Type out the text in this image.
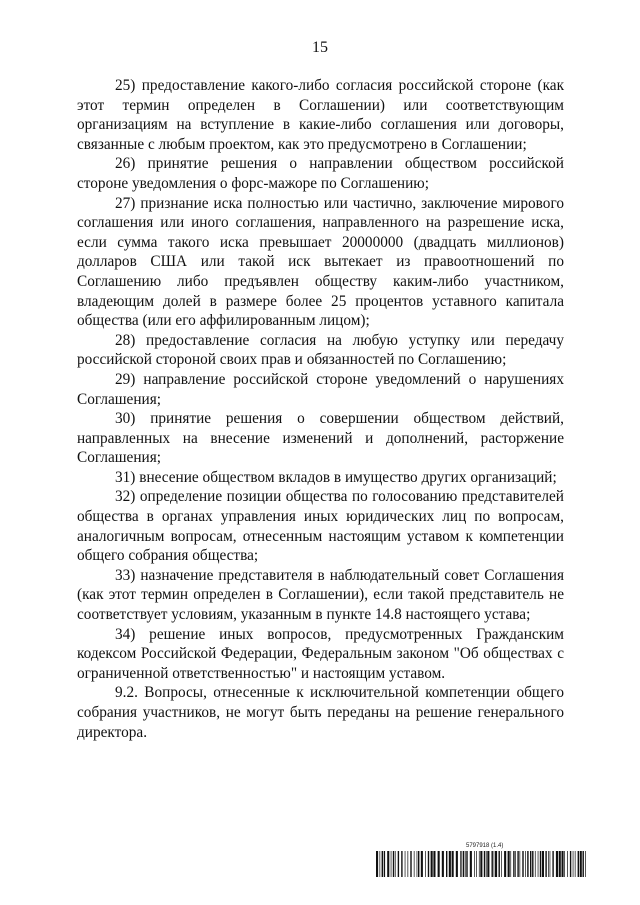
15

25) предоставление какого-либо согласия российской стороне (как этот термин определен в Соглашении) или соответствующим организациям на вступление в какие-либо соглашения или договоры, связанные с любым проектом, как это предусмотрено в Соглашении;

26) принятие решения о направлении обществом российской стороне уведомления о форс-мажоре по Соглашению;

27) признание иска полностью или частично, заключение мирового соглашения или иного соглашения, направленного на разрешение иска, если сумма такого иска превышает 20000000 (двадцать миллионов) долларов США или такой иск вытекает из правоотношений по Соглашению либо предъявлен обществу каким-либо участником, владеющим долей в размере более 25 процентов уставного капитала общества (или его аффилированным лицом);

28) предоставление согласия на любую уступку или передачу российской стороной своих прав и обязанностей по Соглашению;

29) направление российской стороне уведомлений о нарушениях Соглашения;

30) принятие решения о совершении обществом действий, направленных на внесение изменений и дополнений, расторжение Соглашения;

31) внесение обществом вкладов в имущество других организаций;

32) определение позиции общества по голосованию представителей общества в органах управления иных юридических лиц по вопросам, аналогичным вопросам, отнесенным настоящим уставом к компетенции общего собрания общества;

33) назначение представителя в наблюдательный совет Соглашения (как этот термин определен в Соглашении), если такой представитель не соответствует условиям, указанным в пункте 14.8 настоящего устава;

34) решение иных вопросов, предусмотренных Гражданским кодексом Российской Федерации, Федеральным законом "Об обществах с ограниченной ответственностью" и настоящим уставом.

9.2. Вопросы, отнесенные к исключительной компетенции общего собрания участников, не могут быть переданы на решение генерального директора.

5797918 (1.4)
